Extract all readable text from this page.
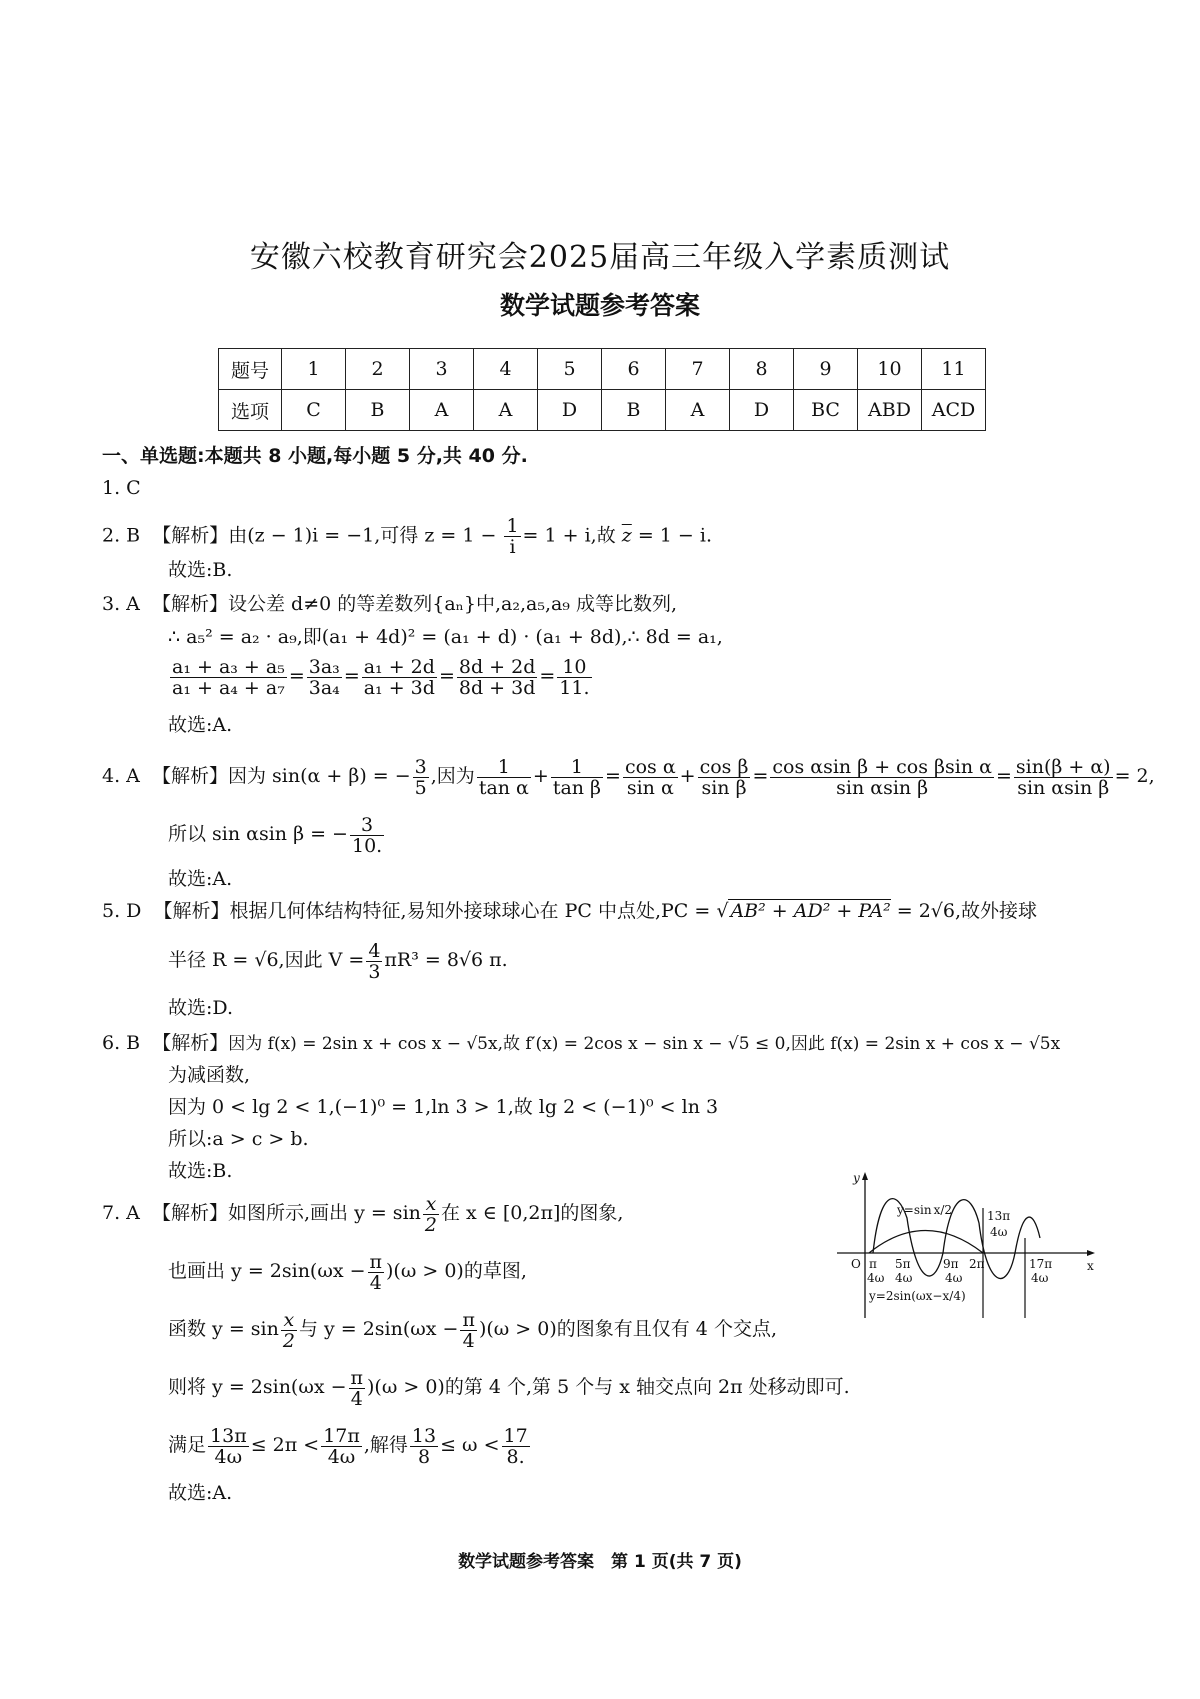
安徽六校教育研究会2025届高三年级入学素质测试
数学试题参考答案
题号	1	2	3	4	5	6	7	8	9	10	11
选项	C	B	A	A	D	B	A	D	BC	ABD	ACD
一、单选题:本题共 8 小题,每小题 5 分,共 40 分.
1. C
2. B 【解析】由(z − 1)i = −1,可得 $z = 1 - \frac{1}{i} = 1 + i$,故 $\overline{z} = 1 - i$.
故选:B.
3. A 【解析】设公差 d≠0 的等差数列{aₙ}中,a₂,a₅,a₉ 成等比数列,
∴ a₅² = a₂ · a₉,即(a₁ + 4d)² = (a₁ + d) · (a₁ + 8d),∴ 8d = a₁,
$\frac{\text{a₁ + a₃ + a₅}}{\text{a₁ + a₄ + a₇}} = \frac{\text{3a₃}}{\text{3a₄}} = \frac{\text{a₁ + 2d}}{\text{a₁ + 3d}} = \frac{8d + 2d}{8d + 3d} = \frac{10}{11.}$
故选:A.
4. A 【解析】因为 sin(α + β) = − $\frac{3}{5}$ ,因为 $\frac{1}{\text{tan α}} + \frac{1}{\text{tan β}} = \frac{\text{cos α}}{\text{sin α}} + \frac{\text{cos β}}{\text{sin β}} = \frac{\text{cos αsin β + cos βsin α}}{\text{sin αsin β}} = \frac{\sin(\beta + \alpha)}{\text{sin αsin β}} = 2$,
所以 sin αsin β = − $\frac{3}{10.}$
故选:A.
5. D 【解析】根据几何体结构特征,易知外接球球心在 PC 中点处,PC = √ AB² + AD² + PA² = 2√6,故外接球
半径 R = √6,因此 $V = \frac{4}{3} \pi R^3 = 8√6$ π.
故选:D.
6. B 【解析】因为 f(x) = 2sin x + cos x − √5x,故 f′(x) = 2cos x − sin x − √5 ≤ 0,因此 f(x) = 2sin x + cos x − √5x
为减函数,
因为 0 < lg 2 < 1,(−1)⁰ = 1,ln 3 > 1,故 lg 2 < (−1)⁰ < ln 3
所以:a > c > b.
故选:B.
7. A 【解析】如图所示,画出 $y = \sin \frac{x}{2}$ 在 x ∈ [0,2π]的图象,
也画出 $y = 2\sin(\omega x - \frac{\pi}{4} )(\omega > 0)$的草图,
函数 $y = \sin \frac{x}{2}$ 与 $y = 2\sin(\omega x - \frac{\pi}{4} )(\omega > 0)$的图象有且仅有 4 个交点,
则将 $y = 2\sin(\omega x - \frac{\pi}{4} )(\omega > 0)$的第 4 个,第 5 个与 x 轴交点向 2π 处移动即可.
满足 $\frac{13\pi}{4\omega} \le 2\pi < \frac{17\pi}{4\omega}$ ,解得 $\frac{13}{8} \le \omega < \frac{17}{8.}$
故选:A.
y
x
O
y=sin x/2	13π
4ω
π
4ω
5π
4ω
9π
4ω
2π	17π
4ω
y=2sin(ωx−x/4)
数学试题参考答案　第 1 页(共 7 页)
